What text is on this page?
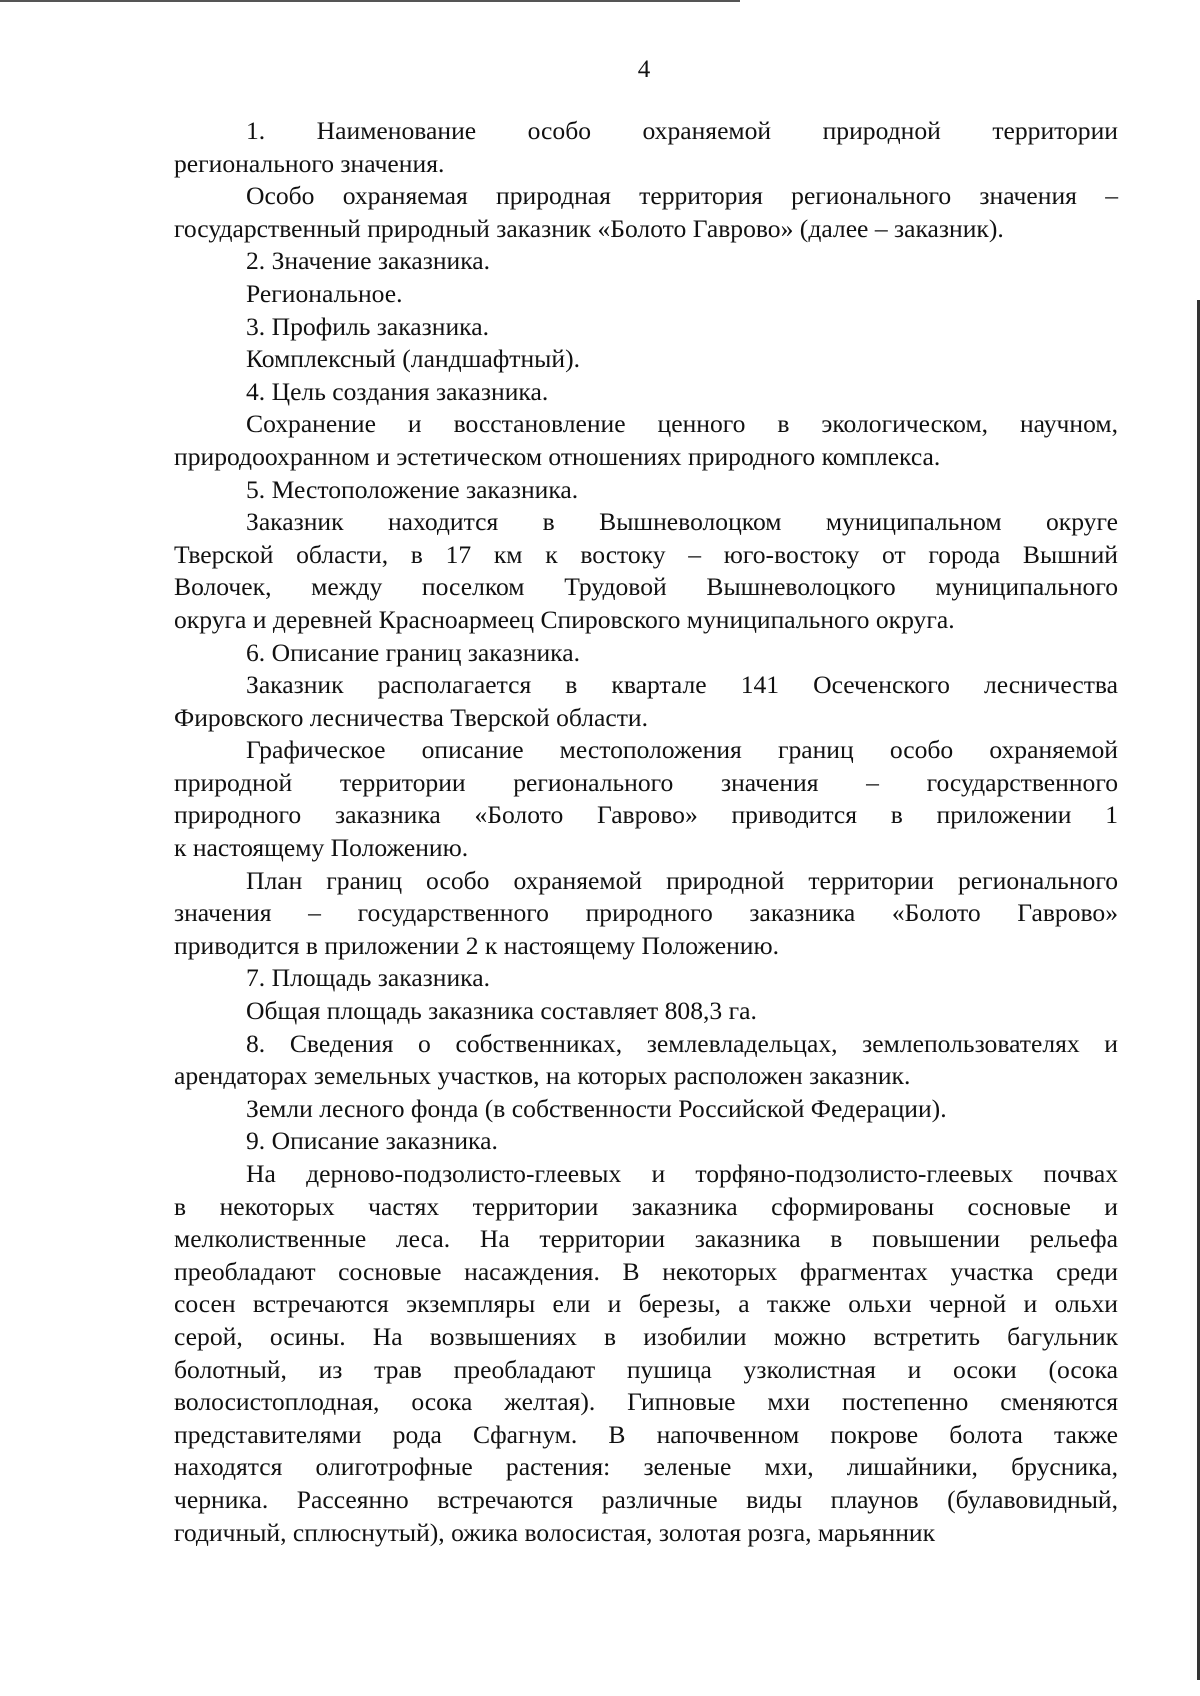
4
1. Наименование особо охраняемой природной территории
регионального значения.
Особо охраняемая природная территория регионального значения –
государственный природный заказник «Болото Гаврово» (далее – заказник).
2. Значение заказника.
Региональное.
3. Профиль заказника.
Комплексный (ландшафтный).
4. Цель создания заказника.
Сохранение и восстановление ценного в экологическом, научном,
природоохранном и эстетическом отношениях природного комплекса.
5. Местоположение заказника.
Заказник находится в Вышневолоцком муниципальном округе
Тверской области, в 17 км к востоку – юго-востоку от города Вышний
Волочек, между поселком Трудовой Вышневолоцкого муниципального
округа и деревней Красноармеец Спировского муниципального округа.
6. Описание границ заказника.
Заказник располагается в квартале 141 Осеченского лесничества
Фировского лесничества Тверской области.
Графическое описание местоположения границ особо охраняемой
природной территории регионального значения – государственного
природного заказника «Болото Гаврово» приводится в приложении 1
к настоящему Положению.
План границ особо охраняемой природной территории регионального
значения – государственного природного заказника «Болото Гаврово»
приводится в приложении 2 к настоящему Положению.
7. Площадь заказника.
Общая площадь заказника составляет 808,3 га.
8. Сведения о собственниках, землевладельцах, землепользователях и
арендаторах земельных участков, на которых расположен заказник.
Земли лесного фонда (в собственности Российской Федерации).
9. Описание заказника.
На дерново-подзолисто-глеевых и торфяно-подзолисто-глеевых почвах
в некоторых частях территории заказника сформированы сосновые и
мелколиственные леса. На территории заказника в повышении рельефа
преобладают сосновые насаждения. В некоторых фрагментах участка среди
сосен встречаются экземпляры ели и березы, а также ольхи черной и ольхи
серой, осины. На возвышениях в изобилии можно встретить багульник
болотный, из трав преобладают пушица узколистная и осоки (осока
волосистоплодная, осока желтая). Гипновые мхи постепенно сменяются
представителями рода Сфагнум. В напочвенном покрове болота также
находятся олиготрофные растения: зеленые мхи, лишайники, брусника,
черника. Рассеянно встречаются различные виды плаунов (булавовидный,
годичный, сплюснутый), ожика волосистая, золотая розга, марьянник
